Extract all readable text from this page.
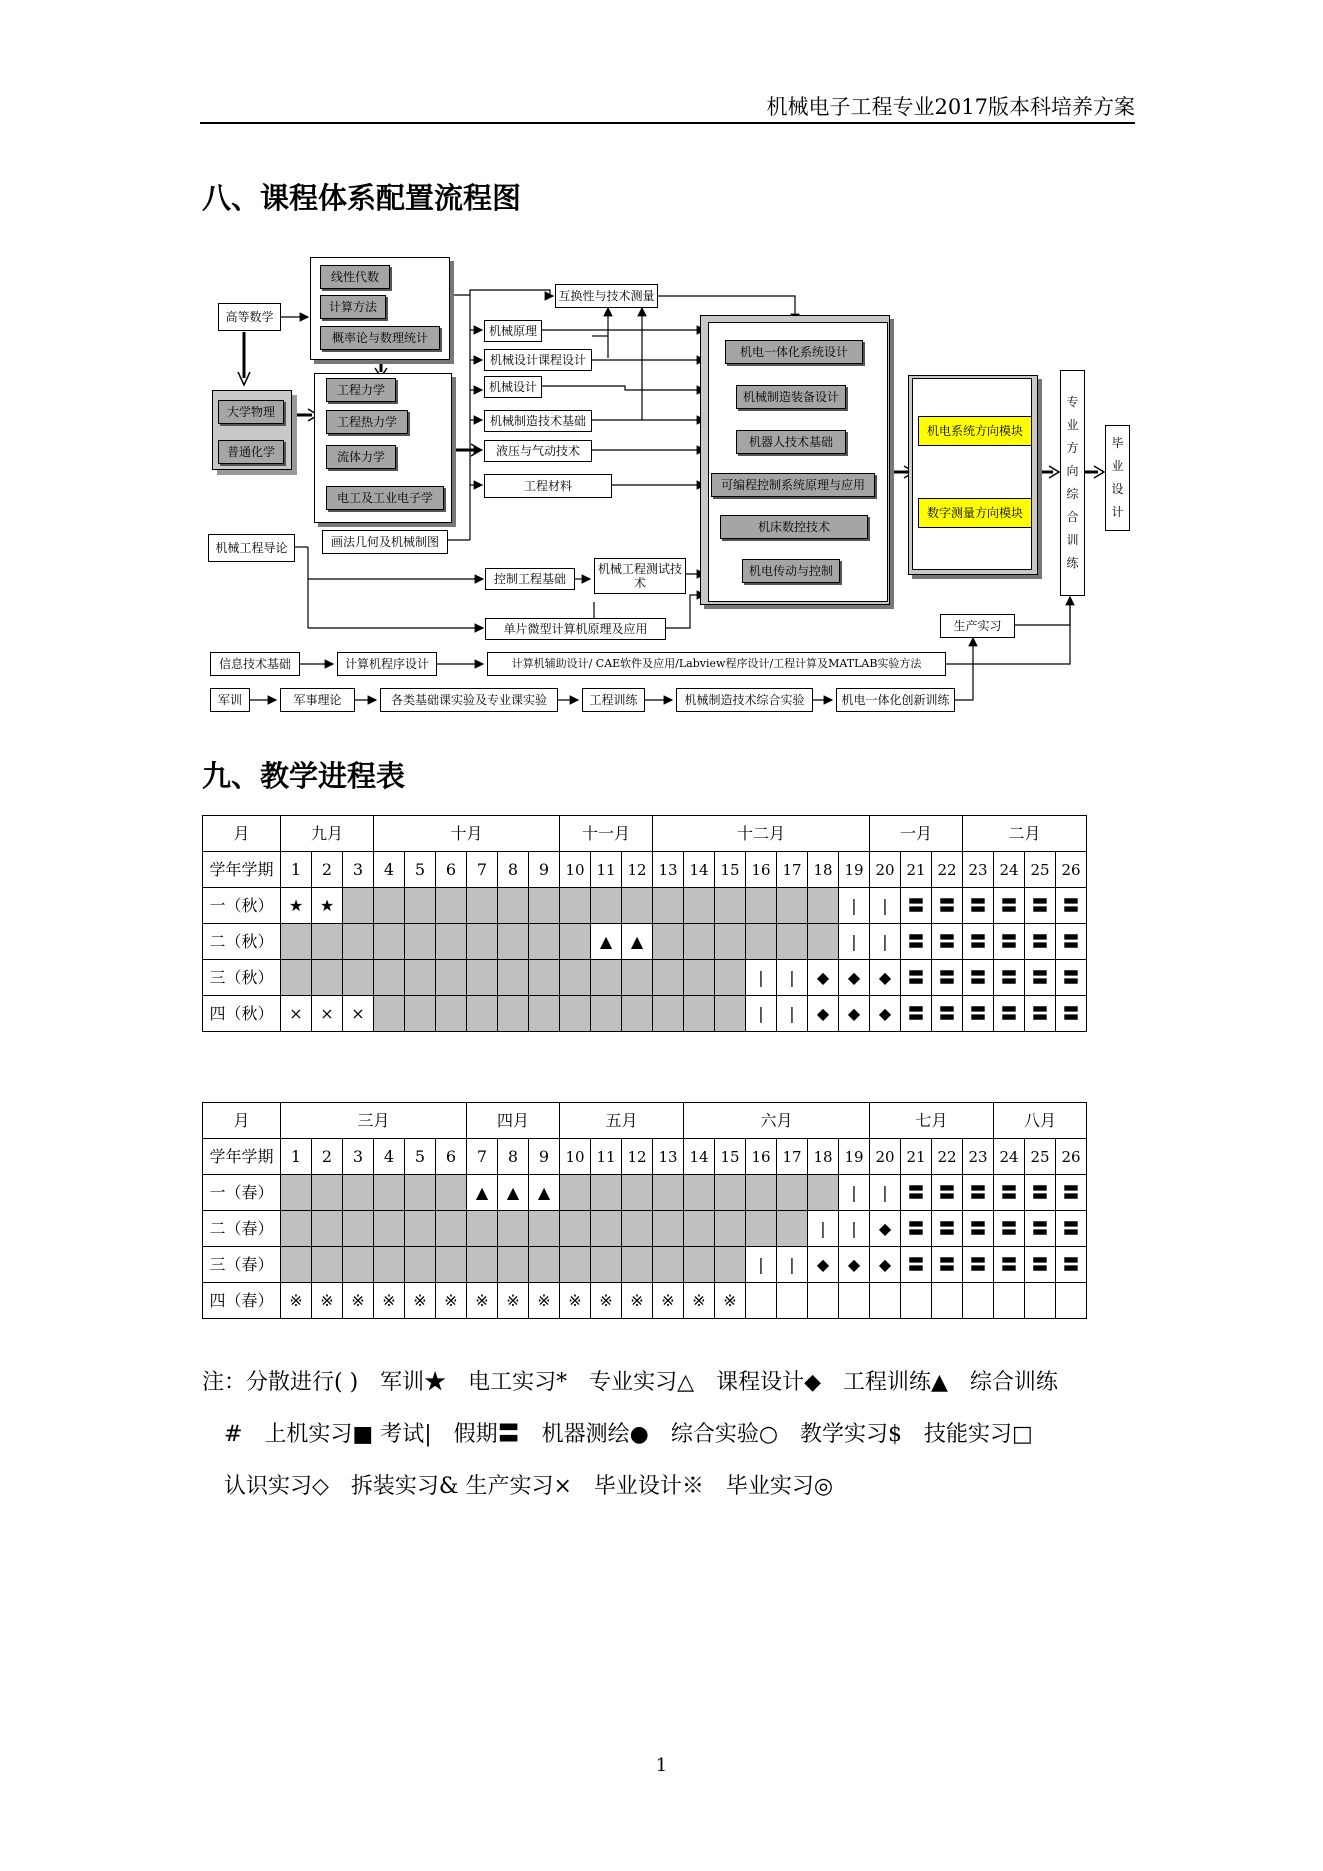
机械电子工程专业2017版本科培养方案
八、课程体系配置流程图
高等数学
线性代数
计算方法
概率论与数理统计
大学物理
普通化学
工程力学
工程热力学
流体力学
电工及工业电子学
机械工程导论	画法几何及机械制图
互换性与技术测量
机械原理
机械设计课程设计
机械设计
机械制造技术基础
液压与气动技术
工程材料
控制工程基础
机械工程测试技术
单片微型计算机原理及应用
机电一体化系统设计
机械制造装备设计
机器人技术基础
可编程控制系统原理与应用
机床数控技术
机电传动与控制
机电系统方向模块
数字测量方向模块
专业方向综合训练
毕业设计
生产实习
信息技术基础	计算机程序设计	计算机辅助设计/ CAE软件及应用/Labview程序设计/工程计算及MATLAB实验方法
军训	军事理论	各类基础课实验及专业课实验	工程训练	机械制造技术综合实验	机电一体化创新训练
九、教学进程表
月	九月			十月						十一月			十二月							一月			二月			
学年学期	1	2	3	4	5	6	7	8	9	10	11	12	13	14	15	16	17	18	19	20	21	22	23	24	25	26
一（秋）	★	★																	|	|	〓	〓	〓	〓	〓	〓
二（秋）											▲	▲							|	|	〓	〓	〓	〓	〓	〓
三（秋）																|	|	◆	◆	◆	〓	〓	〓	〓	〓	〓
四（秋）	×	×	×													|	|	◆	◆	◆	〓	〓	〓	〓	〓	〓
月	三月						四月			五月				六月						七月				八月		
学年学期	1	2	3	4	5	6	7	8	9	10	11	12	13	14	15	16	17	18	19	20	21	22	23	24	25	26
一（春）							▲	▲	▲										|	|	〓	〓	〓	〓	〓	〓
二（春）																		|	|	◆	〓	〓	〓	〓	〓	〓
三（春）																|	|	◆	◆	◆	〓	〓	〓	〓	〓	〓
四（春）	※	※	※	※	※	※	※	※	※	※	※	※	※	※	※											
注：分散进行( )　军训★　电工实习*　专业实习△　课程设计◆　工程训练▲　综合训练
　#　上机实习■ 考试|　假期〓　机器测绘●　综合实验○　教学实习$　技能实习□
　认识实习◇　拆装实习& 生产实习×　毕业设计※　毕业实习◎
1
